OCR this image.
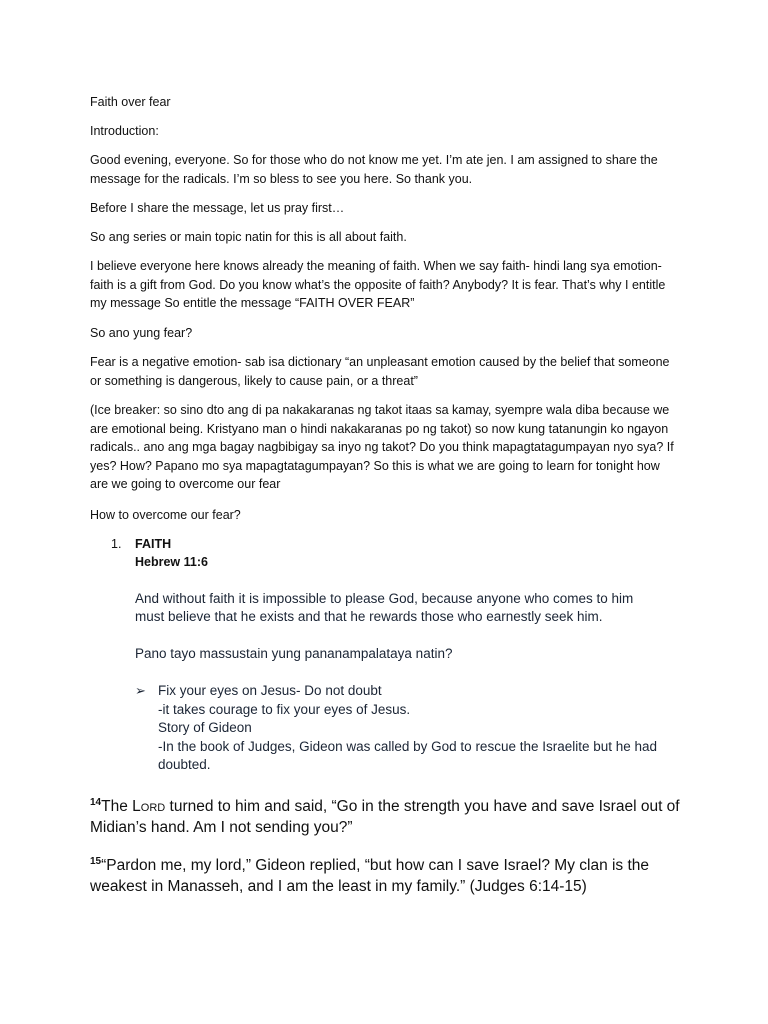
Faith over fear

Introduction:

Good evening, everyone. So for those who do not know me yet. I’m ate jen. I am assigned to share the
message for the radicals. I’m so bless to see you here. So thank you.

Before I share the message, let us pray first…

So ang series or main topic natin for this is all about faith.

I believe everyone here knows already the meaning of faith. When we say faith- hindi lang sya emotion-
faith is a gift from God. Do you know what’s the opposite of faith? Anybody? It is fear. That’s why I entitle
my message So entitle the message “FAITH OVER FEAR”

So ano yung fear?

Fear is a negative emotion- sab isa dictionary “an unpleasant emotion caused by the belief that someone
or something is dangerous, likely to cause pain, or a threat”

(Ice breaker: so sino dto ang di pa nakakaranas ng takot itaas sa kamay, syempre wala diba because we
are emotional being. Kristyano man o hindi nakakaranas po ng takot) so now kung tatanungin ko ngayon
radicals.. ano ang mga bagay nagbibigay sa inyo ng takot? Do you think mapagtatagumpayan nyo sya? If
yes? How? Papano mo sya mapagtatagumpayan? So this is what we are going to learn for tonight how
are we going to overcome our fear

How to overcome our fear?

1. FAITH

Hebrew 11:6

And without faith it is impossible to please God, because anyone who comes to him

must believe that he exists and that he rewards those who earnestly seek him.

Pano tayo massustain yung pananampalataya natin?

➢ Fix your eyes on Jesus- Do not doubt
-it takes courage to fix your eyes of Jesus.
Story of Gideon
-In the book of Judges, Gideon was called by God to rescue the Israelite but he had
doubted.
$^{14}$The Lord turned to him and said, “Go in the strength you have and save Israel out of
Midian’s hand. Am I not sending you?”
$^{15}$“Pardon me, my lord,” Gideon replied, “but how can I save Israel? My clan is the
weakest in Manasseh, and I am the least in my family.” (Judges 6:14-15)
